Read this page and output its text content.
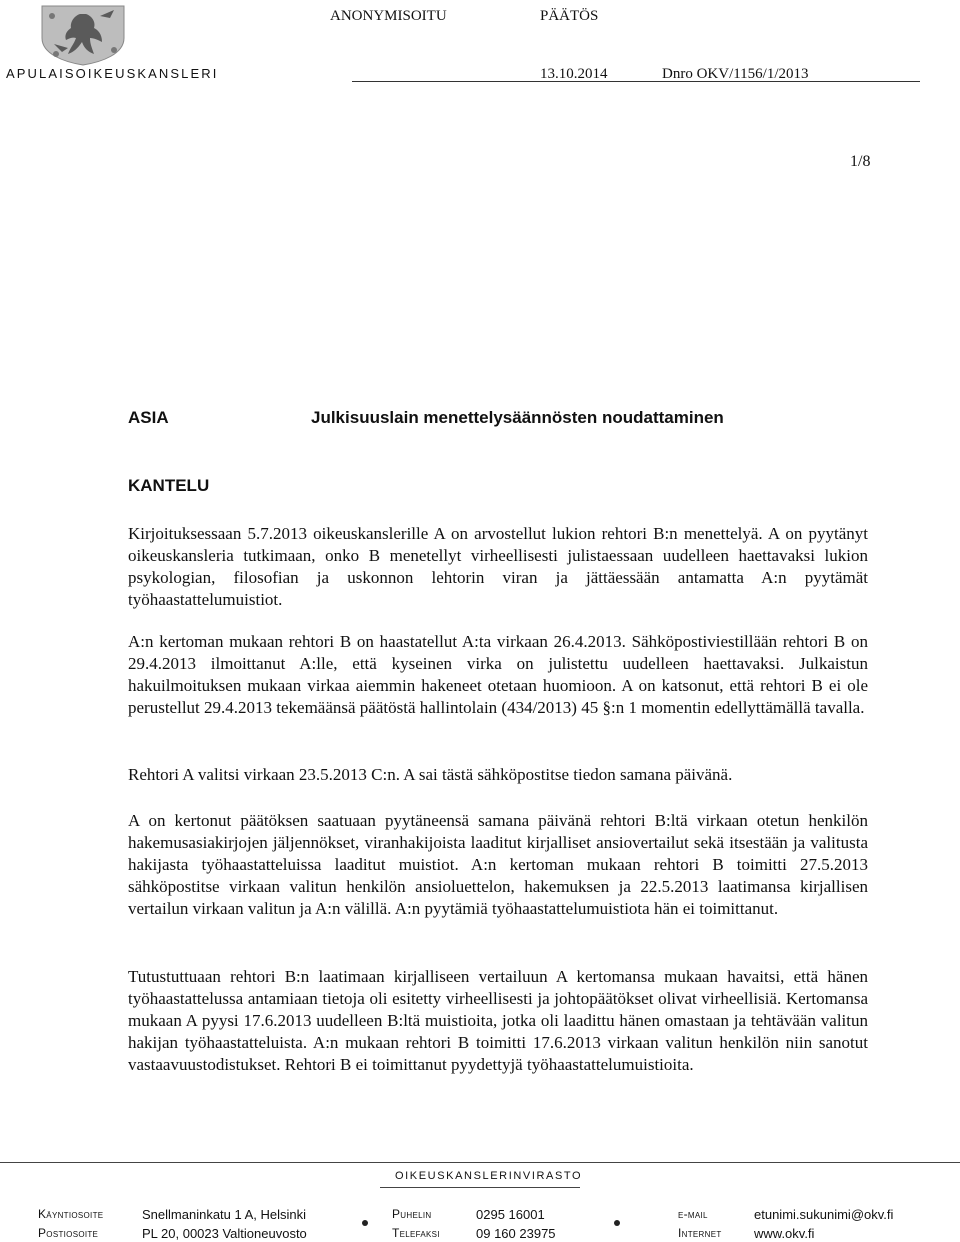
APULAISOIKEUSKANSLERI
ANONYMISOITU	PÄÄTÖS
13.10.2014	Dnro OKV/1156/1/2013
1/8
ASIA	Julkisuuslain menettelysäännösten noudattaminen
KANTELU

Kirjoituksessaan 5.7.2013 oikeuskanslerille A on arvostellut lukion rehtori B:n menettelyä. A on pyytänyt oikeuskansleria tutkimaan, onko B menetellyt virheellisesti julistaessaan uudelleen haettavaksi lukion psykologian, filosofian ja uskonnon lehtorin viran ja jättäessään antamatta A:n pyytämät työhaastattelumuistiot.

A:n kertoman mukaan rehtori B on haastatellut A:ta virkaan 26.4.2013. Sähköpostiviestillään rehtori B on 29.4.2013 ilmoittanut A:lle, että kyseinen virka on julistettu uudelleen haettavaksi. Julkaistun hakuilmoituksen mukaan virkaa aiemmin hakeneet otetaan huomioon. A on katsonut, että rehtori B ei ole perustellut 29.4.2013 tekemäänsä päätöstä hallintolain (434/2013) 45 §:n 1 momentin edellyttämällä tavalla.

Rehtori A valitsi virkaan 23.5.2013 C:n. A sai tästä sähköpostitse tiedon samana päivänä.

A on kertonut päätöksen saatuaan pyytäneensä samana päivänä rehtori B:ltä virkaan otetun henkilön hakemusasiakirjojen jäljennökset, viranhakijoista laaditut kirjalliset ansiovertailut sekä itsestään ja valitusta hakijasta työhaastatteluissa laaditut muistiot. A:n kertoman mukaan rehtori B toimitti 27.5.2013 sähköpostitse virkaan valitun henkilön ansioluettelon, hakemuksen ja 22.5.2013 laatimansa kirjallisen vertailun virkaan valitun ja A:n välillä. A:n pyytämiä työhaastattelumuistiota hän ei toimittanut.

Tutustuttuaan rehtori B:n laatimaan kirjalliseen vertailuun A kertomansa mukaan havaitsi, että hänen työhaastattelussa antamiaan tietoja oli esitetty virheellisesti ja johtopäätökset olivat virheellisiä. Kertomansa mukaan A pyysi 17.6.2013 uudelleen B:ltä muistioita, jotka oli laadittu hänen omastaan ja tehtävään valitun hakijan työhaastatteluista. A:n mukaan rehtori B toimitti 17.6.2013 virkaan valitun henkilön niin sanotut vastaavuustodistukset. Rehtori B ei toimittanut pyydettyjä työhaastattelumuistioita.

OIKEUSKANSLERINVIRASTO
Käyntiosoite	Snellmaninkatu 1 A, Helsinki
Postiosoite	PL 20, 00023 Valtioneuvosto
Puhelin	0295 16001
Telefaksi	09 160 23975
e-mail	etunimi.sukunimi@okv.fi
Internet www.okv.fi
